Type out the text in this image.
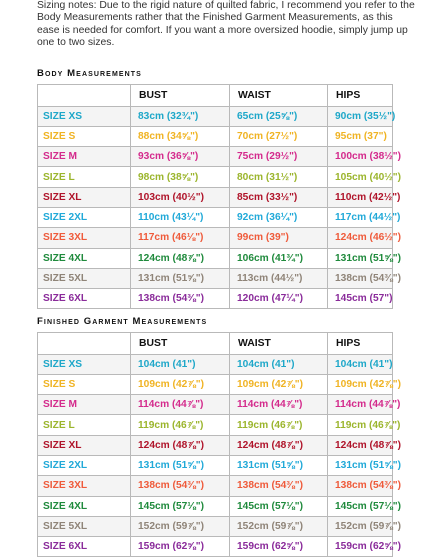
Sizing notes: Due to the rigid nature of quilted fabric, I recommend you refer to the Body Measurements rather that the Finished Garment Measurements, as this ease is needed for comfort. If you want a more oversized hoodie, simply jump up one to two sizes.
Body Measurements
	BUST	WAIST	HIPS
SIZE XS	83cm (32¾")	65cm (25⅝")	90cm (35½")
SIZE S	88cm (34⅝")	70cm (27½")	95cm (37")
SIZE M	93cm (36⅝")	75cm (29½")	100cm (38½")
SIZE L	98cm (38⅝")	80cm (31½")	105cm (40½")
SIZE XL	103cm (40½")	85cm (33½")	110cm (42½")
SIZE 2XL	110cm (43¼")	92cm (36¼")	117cm (44½")
SIZE 3XL	117cm (46⅛")	99cm (39")	124cm (46½")
SIZE 4XL	124cm (48⅞")	106cm (41¾")	131cm (51⅝")
SIZE 5XL	131cm (51⅝")	113cm (44½")	138cm (54⅜")
SIZE 6XL	138cm (54⅜")	120cm (47¼")	145cm (57")
Finished Garment Measurements
	BUST	WAIST	HIPS
SIZE XS	104cm (41")	104cm (41")	104cm (41")
SIZE S	109cm (42⅞")	109cm (42⅞")	109cm (42⅞")
SIZE M	114cm (44⅞")	114cm (44⅞")	114cm (44⅞")
SIZE L	119cm (46⅞")	119cm (46⅞")	119cm (46⅞")
SIZE XL	124cm (48⅞")	124cm (48⅞")	124cm (48⅞")
SIZE 2XL	131cm (51⅝")	131cm (51⅝")	131cm (51⅝")
SIZE 3XL	138cm (54⅜")	138cm (54⅜")	138cm (54⅜")
SIZE 4XL	145cm (57⅛")	145cm (57⅛")	145cm (57⅛")
SIZE 5XL	152cm (59⅞")	152cm (59⅞")	152cm (59⅞")
SIZE 6XL	159cm (62⅝")	159cm (62⅝")	159cm (62⅝")
